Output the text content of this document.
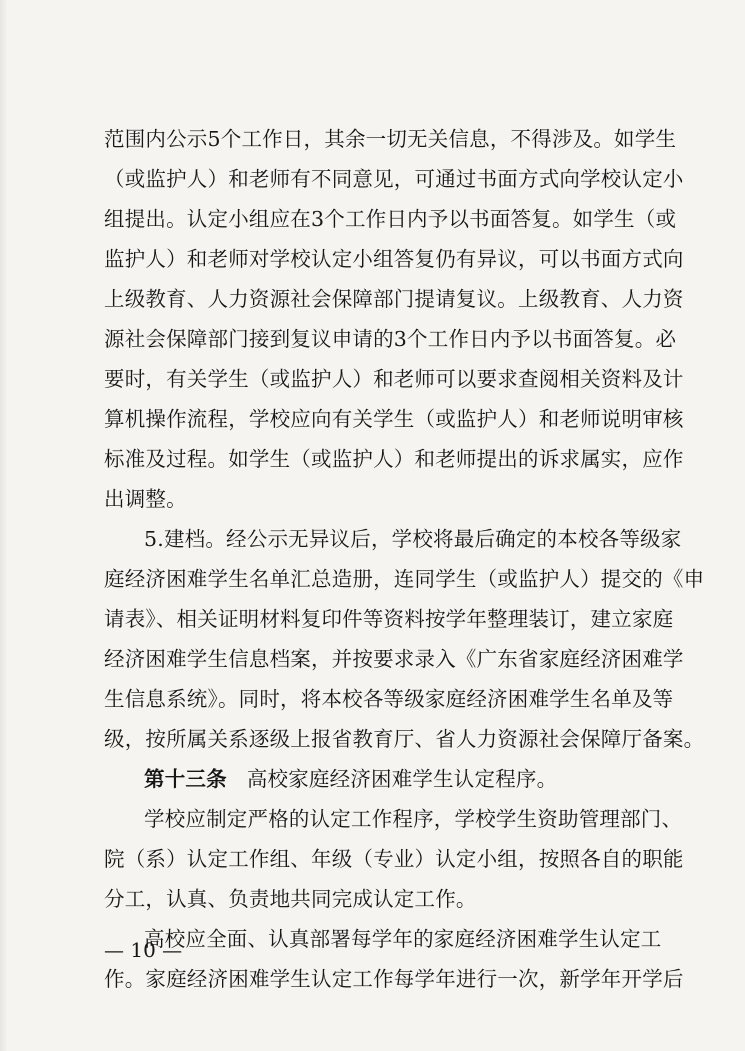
范围内公示5个工作日，其余一切无关信息，不得涉及。如学生
（或监护人）和老师有不同意见，可通过书面方式向学校认定小
组提出。认定小组应在3个工作日内予以书面答复。如学生（或
监护人）和老师对学校认定小组答复仍有异议，可以书面方式向
上级教育、人力资源社会保障部门提请复议。上级教育、人力资
源社会保障部门接到复议申请的3个工作日内予以书面答复。必
要时，有关学生（或监护人）和老师可以要求查阅相关资料及计
算机操作流程，学校应向有关学生（或监护人）和老师说明审核
标准及过程。如学生（或监护人）和老师提出的诉求属实，应作
出调整。
5.建档。经公示无异议后，学校将最后确定的本校各等级家
庭经济困难学生名单汇总造册，连同学生（或监护人）提交的《申
请表》、相关证明材料复印件等资料按学年整理装订，建立家庭
经济困难学生信息档案，并按要求录入《广东省家庭经济困难学
生信息系统》。同时，将本校各等级家庭经济困难学生名单及等
级，按所属关系逐级上报省教育厅、省人力资源社会保障厅备案。
第十三条 高校家庭经济困难学生认定程序。
学校应制定严格的认定工作程序，学校学生资助管理部门、
院（系）认定工作组、年级（专业）认定小组，按照各自的职能
分工，认真、负责地共同完成认定工作。
高校应全面、认真部署每学年的家庭经济困难学生认定工
作。家庭经济困难学生认定工作每学年进行一次，新学年开学后
— 10 —
